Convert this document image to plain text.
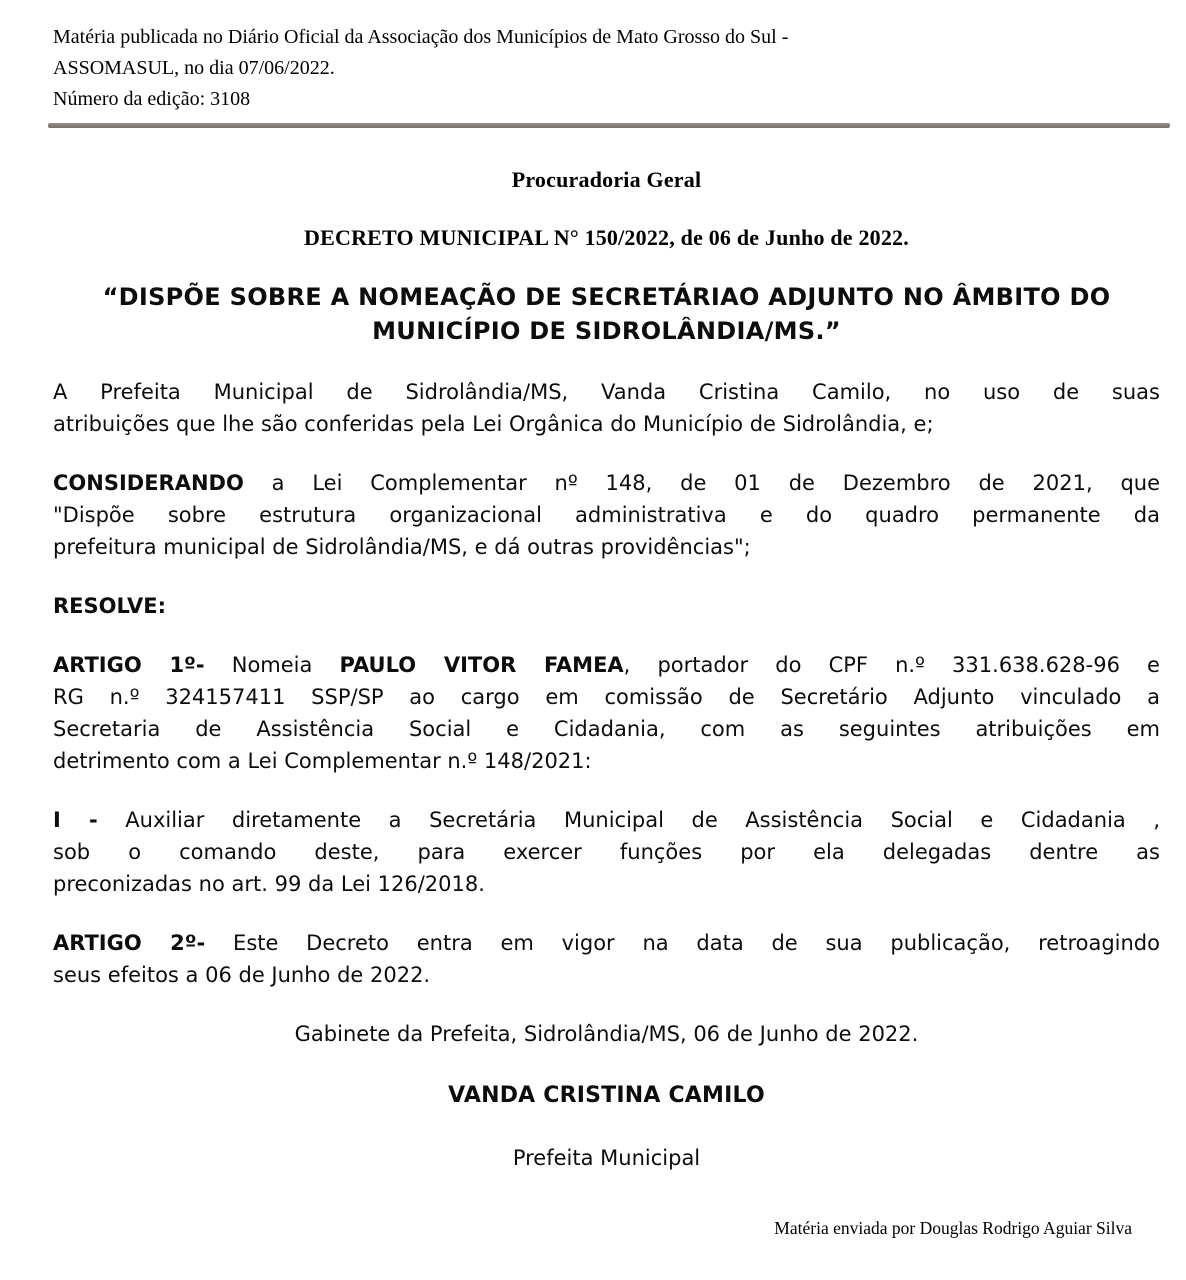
Matéria publicada no Diário Oficial da Associação dos Municípios de Mato Grosso do Sul -
ASSOMASUL, no dia 07/06/2022.
Número da edição: 3108
Procuradoria Geral
DECRETO MUNICIPAL N° 150/2022, de 06 de Junho de 2022.
“DISPÕE SOBRE A NOMEAÇÃO DE SECRETÁRIAO ADJUNTO NO ÂMBITO DO
MUNICÍPIO DE SIDROLÂNDIA/MS.”
A Prefeita Municipal de Sidrolândia/MS, Vanda Cristina Camilo, no uso de suas
atribuições que lhe são conferidas pela Lei Orgânica do Município de Sidrolândia, e;
CONSIDERANDO a Lei Complementar nº 148, de 01 de Dezembro de 2021, que
"Dispõe sobre estrutura organizacional administrativa e do quadro permanente da
prefeitura municipal de Sidrolândia/MS, e dá outras providências";
RESOLVE:
ARTIGO 1º- Nomeia PAULO VITOR FAMEA, portador do CPF n.º 331.638.628-96 e
RG n.º 324157411 SSP/SP ao cargo em comissão de Secretário Adjunto vinculado a
Secretaria de Assistência Social e Cidadania, com as seguintes atribuições em
detrimento com a Lei Complementar n.º 148/2021:
I - Auxiliar diretamente a Secretária Municipal de Assistência Social e Cidadania ,
sob o comando deste, para exercer funções por ela delegadas dentre as
preconizadas no art. 99 da Lei 126/2018.
ARTIGO 2º- Este Decreto entra em vigor na data de sua publicação, retroagindo
seus efeitos a 06 de Junho de 2022.
Gabinete da Prefeita, Sidrolândia/MS, 06 de Junho de 2022.
VANDA CRISTINA CAMILO
Prefeita Municipal
Matéria enviada por Douglas Rodrigo Aguiar Silva
